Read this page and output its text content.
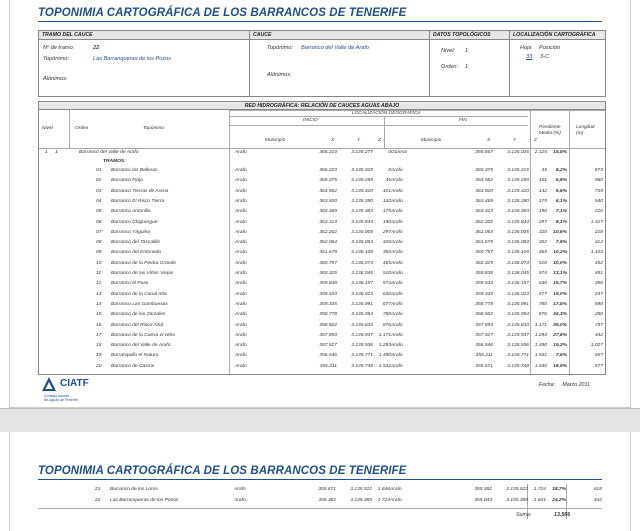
TOPONIMIA CARTOGRÁFICA DE LOS BARRANCOS DE TENERIFE
TRAMO DEL CAUCE	CAUCE	DATOS TOPOLÓGICOS	LOCALIZACIÓN CARTOGRÁFICA
Nº de tramo:	22
Topónimo:	Las Barranqueras de los Pozos
Alónimos:
Topónimo: Barranco del Valle de Arafo
Alónimos:
Nivel: 1
Orden: 1
Hoja Posición
33 3-C
RED HIDROGRÁFICA: RELACIÓN DE CAUCES AGUAS ABAJO
LOCALIZACIÓN GEOGRÁFICA
INICIO	FIN
Nivel	Orden	Topónimo
Municipio	X	Y	Z	Municipio	X	Y	Z
Pendiente Media (%)
Longitud (m)
1 1	Barranco del Valle de Arafo	Arafo	366.223	3.135.277	0 Güímar	355.667	3.135.026	2.125	15,5%
TRAMOS:
01 Barranco las Balleras	Arafo	366.223	3.135.329	0 Arafo	365.375	3.135.215	45	5,2%	873
02 Barranco Fiajo	Arafo	365.375	3.135.259	45 Arafo	364.582	3.135.259	101	5,8%	960
03 Barranco Tierras de Arena	Arafo	364.582	3.135.420	101 Arafo	363.920	3.135.420	142	5,5%	739
04 Barranco El Risco Tierra	Arafo	363.920	3.135.280	142 Arafo	363.469	3.135.280	175	6,1%	540
05 Barranco Antonillo	Arafo	363.469	3.135.383	175 Arafo	363.313	3.135.383	190	7,1%	210
06 Barranco Chiguergue	Arafo	363.313	3.135.844	190 Arafo	362.202	3.135.844	297	8,1%	1.317
07 Barranco Yáguina	Arafo	362.202	3.136.005	297 Arafo	362.064	3.136.005	320	10,6%	218
08 Barranco del Tascalillo	Arafo	362.064	3.136.083	320 Arafo	361.679	3.136.083	352	7,8%	412
09 Barranco del Entonedo	Arafo	361.679	3.136.109	352 Arafo	360.757	3.136.109	465	10,2%	1.103
10 Barranco de la Piedra Grande	Arafo	360.757	3.136.074	465 Arafo	360.325	3.136.074	510	10,0%	452
11 Barranco de las Viñas Viejas	Arafo	360.325	3.136.045	510 Arafo	359.838	3.136.045	574	13,1%	491
12 Barranco el Paso	Arafo	359.838	3.136.157	574 Arafo	359.533	3.136.157	630	15,7%	356
13 Barranco de la Canal Alta	Arafo	359.533	3.136.023	630 Arafo	359.335	3.136.023	677	19,0%	247
14 Barranco Las Gambuesas	Arafo	359.335	3.135.991	677 Arafo	358.778	3.135.991	780	17,5%	590
15 Barranco de los Zarzales	Arafo	358.778	3.135.954	780 Arafo	358.502	3.135.954	876	34,3%	280
16 Barranco del Risco Azul	Arafo	358.502	3.135.833	876 Arafo	357.893	3.135.833	1.171	39,0%	757
17 Barranco de la Cueva el Nitro	Arafo	357.893	3.135.937	1.171 Arafo	357.527	3.135.937	1.293	27,6%	442
18 Barranco del Valle de Arafo	Arafo	357.527	3.135.936	1.293 Arafo	356.546	3.135.936	1.490	19,2%	1.027
19 Barranquillo el Naturo	Arafo	356.546	3.135.771	1.490 Arafo	356.211	3.135.771	1.532	7,5%	557
20 Barranco de Casme	Arafo	356.211	3.135.748	1.532 Arafo	355.671	3.135.748	1.646	18,9%	577
CIATF
Consejo Insular
de Aguas de Tenerife
Fecha: Marzo 2011
TOPONIMIA CARTOGRÁFICA DE LOS BARRANCOS DE TENERIFE
21 Barranco de los Loros	Arafo	355.671	3.135.522	1.646 Arafo	355.382	3.135.522	1.724	18,7%	618
22 Las Barranqueras de los Pozos	Arafo	355.382	3.135.389	1.724 Arafo	355.044	3.135.389	1.831	24,2%	442
Suma:	13.566
